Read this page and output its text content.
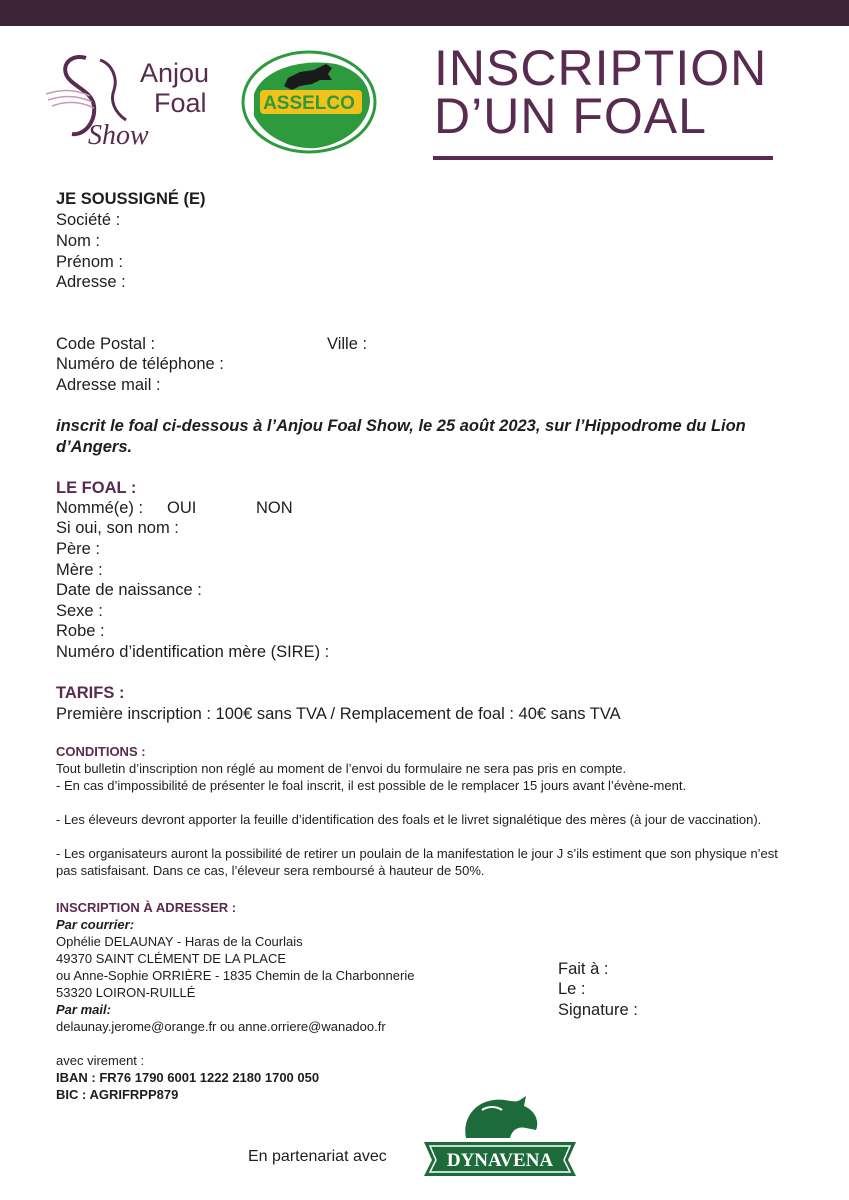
Anjou
Foal
Show
ASSELCO
INSCRIPTION
D’UN FOAL
JE SOUSSIGNÉ (E)
Société :
Nom :
Prénom :
Adresse :
Code Postal :	Ville :
Numéro de téléphone :
Adresse mail :
inscrit le foal ci-dessous à l’Anjou Foal Show, le 25 août 2023, sur l’Hippodrome du Lion d’Angers.
LE FOAL :
Nommé(e) : OUI	NON
Si oui, son nom :
Père :
Mère :
Date de naissance :
Sexe :
Robe :
Numéro d’identification mère (SIRE) :
TARIFS :
Première inscription : 100€ sans TVA / Remplacement de foal : 40€ sans TVA
CONDITIONS :
Tout bulletin d’inscription non réglé au moment de l’envoi du formulaire ne sera pas pris en compte.
- En cas d’impossibilité de présenter le foal inscrit, il est possible de le remplacer 15 jours avant l’évène-ment.
- Les éleveurs devront apporter la feuille d’identification des foals et le livret signalétique des mères (à jour de vaccination).
- Les organisateurs auront la possibilité de retirer un poulain de la manifestation le jour J s’ils estiment que son physique n’est pas satisfaisant. Dans ce cas, l’éleveur sera remboursé à hauteur de 50%.
INSCRIPTION À ADRESSER :
Par courrier:
Ophélie DELAUNAY - Haras de la Courlais
49370 SAINT CLÉMENT DE LA PLACE
ou Anne-Sophie ORRIÈRE - 1835 Chemin de la Charbonnerie
53320 LOIRON-RUILLÉ
Par mail:
delaunay.jerome@orange.fr ou anne.orriere@wanadoo.fr
avec virement :
IBAN : FR76 1790 6001 1222 2180 1700 050
BIC : AGRIFRPP879
Fait à :
Le :
Signature :
En partenariat avec	DYNAVENA
